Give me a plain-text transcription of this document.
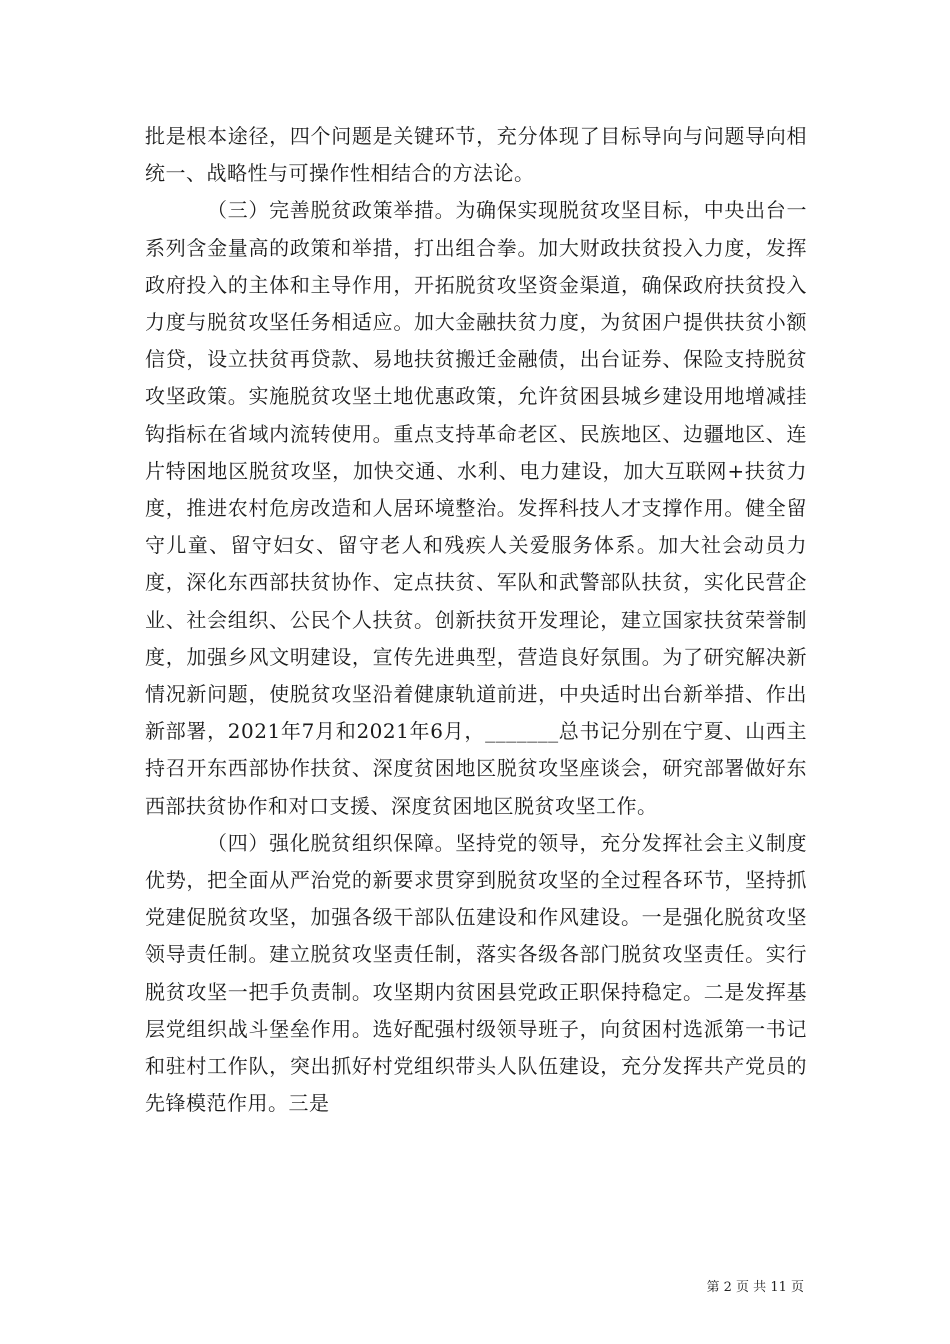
批是根本途径，四个问题是关键环节，充分体现了目标导向与问题导向相统一、战略性与可操作性相结合的方法论。

（三）完善脱贫政策举措。为确保实现脱贫攻坚目标，中央出台一系列含金量高的政策和举措，打出组合拳。加大财政扶贫投入力度，发挥政府投入的主体和主导作用，开拓脱贫攻坚资金渠道，确保政府扶贫投入力度与脱贫攻坚任务相适应。加大金融扶贫力度，为贫困户提供扶贫小额信贷，设立扶贫再贷款、易地扶贫搬迁金融债，出台证券、保险支持脱贫攻坚政策。实施脱贫攻坚土地优惠政策，允许贫困县城乡建设用地增减挂钩指标在省域内流转使用。重点支持革命老区、民族地区、边疆地区、连片特困地区脱贫攻坚，加快交通、水利、电力建设，加大互联网+扶贫力度，推进农村危房改造和人居环境整治。发挥科技人才支撑作用。健全留守儿童、留守妇女、留守老人和残疾人关爱服务体系。加大社会动员力度，深化东西部扶贫协作、定点扶贫、军队和武警部队扶贫，实化民营企业、社会组织、公民个人扶贫。创新扶贫开发理论，建立国家扶贫荣誉制度，加强乡风文明建设，宣传先进典型，营造良好氛围。为了研究解决新情况新问题，使脱贫攻坚沿着健康轨道前进，中央适时出台新举措、作出新部署，2021年7月和2021年6月，_______总书记分别在宁夏、山西主持召开东西部协作扶贫、深度贫困地区脱贫攻坚座谈会，研究部署做好东西部扶贫协作和对口支援、深度贫困地区脱贫攻坚工作。

（四）强化脱贫组织保障。坚持党的领导，充分发挥社会主义制度优势，把全面从严治党的新要求贯穿到脱贫攻坚的全过程各环节，坚持抓党建促脱贫攻坚，加强各级干部队伍建设和作风建设。一是强化脱贫攻坚领导责任制。建立脱贫攻坚责任制，落实各级各部门脱贫攻坚责任。实行脱贫攻坚一把手负责制。攻坚期内贫困县党政正职保持稳定。二是发挥基层党组织战斗堡垒作用。选好配强村级领导班子，向贫困村选派第一书记和驻村工作队，突出抓好村党组织带头人队伍建设，充分发挥共产党员的先锋模范作用。三是

第 2 页 共 11 页
